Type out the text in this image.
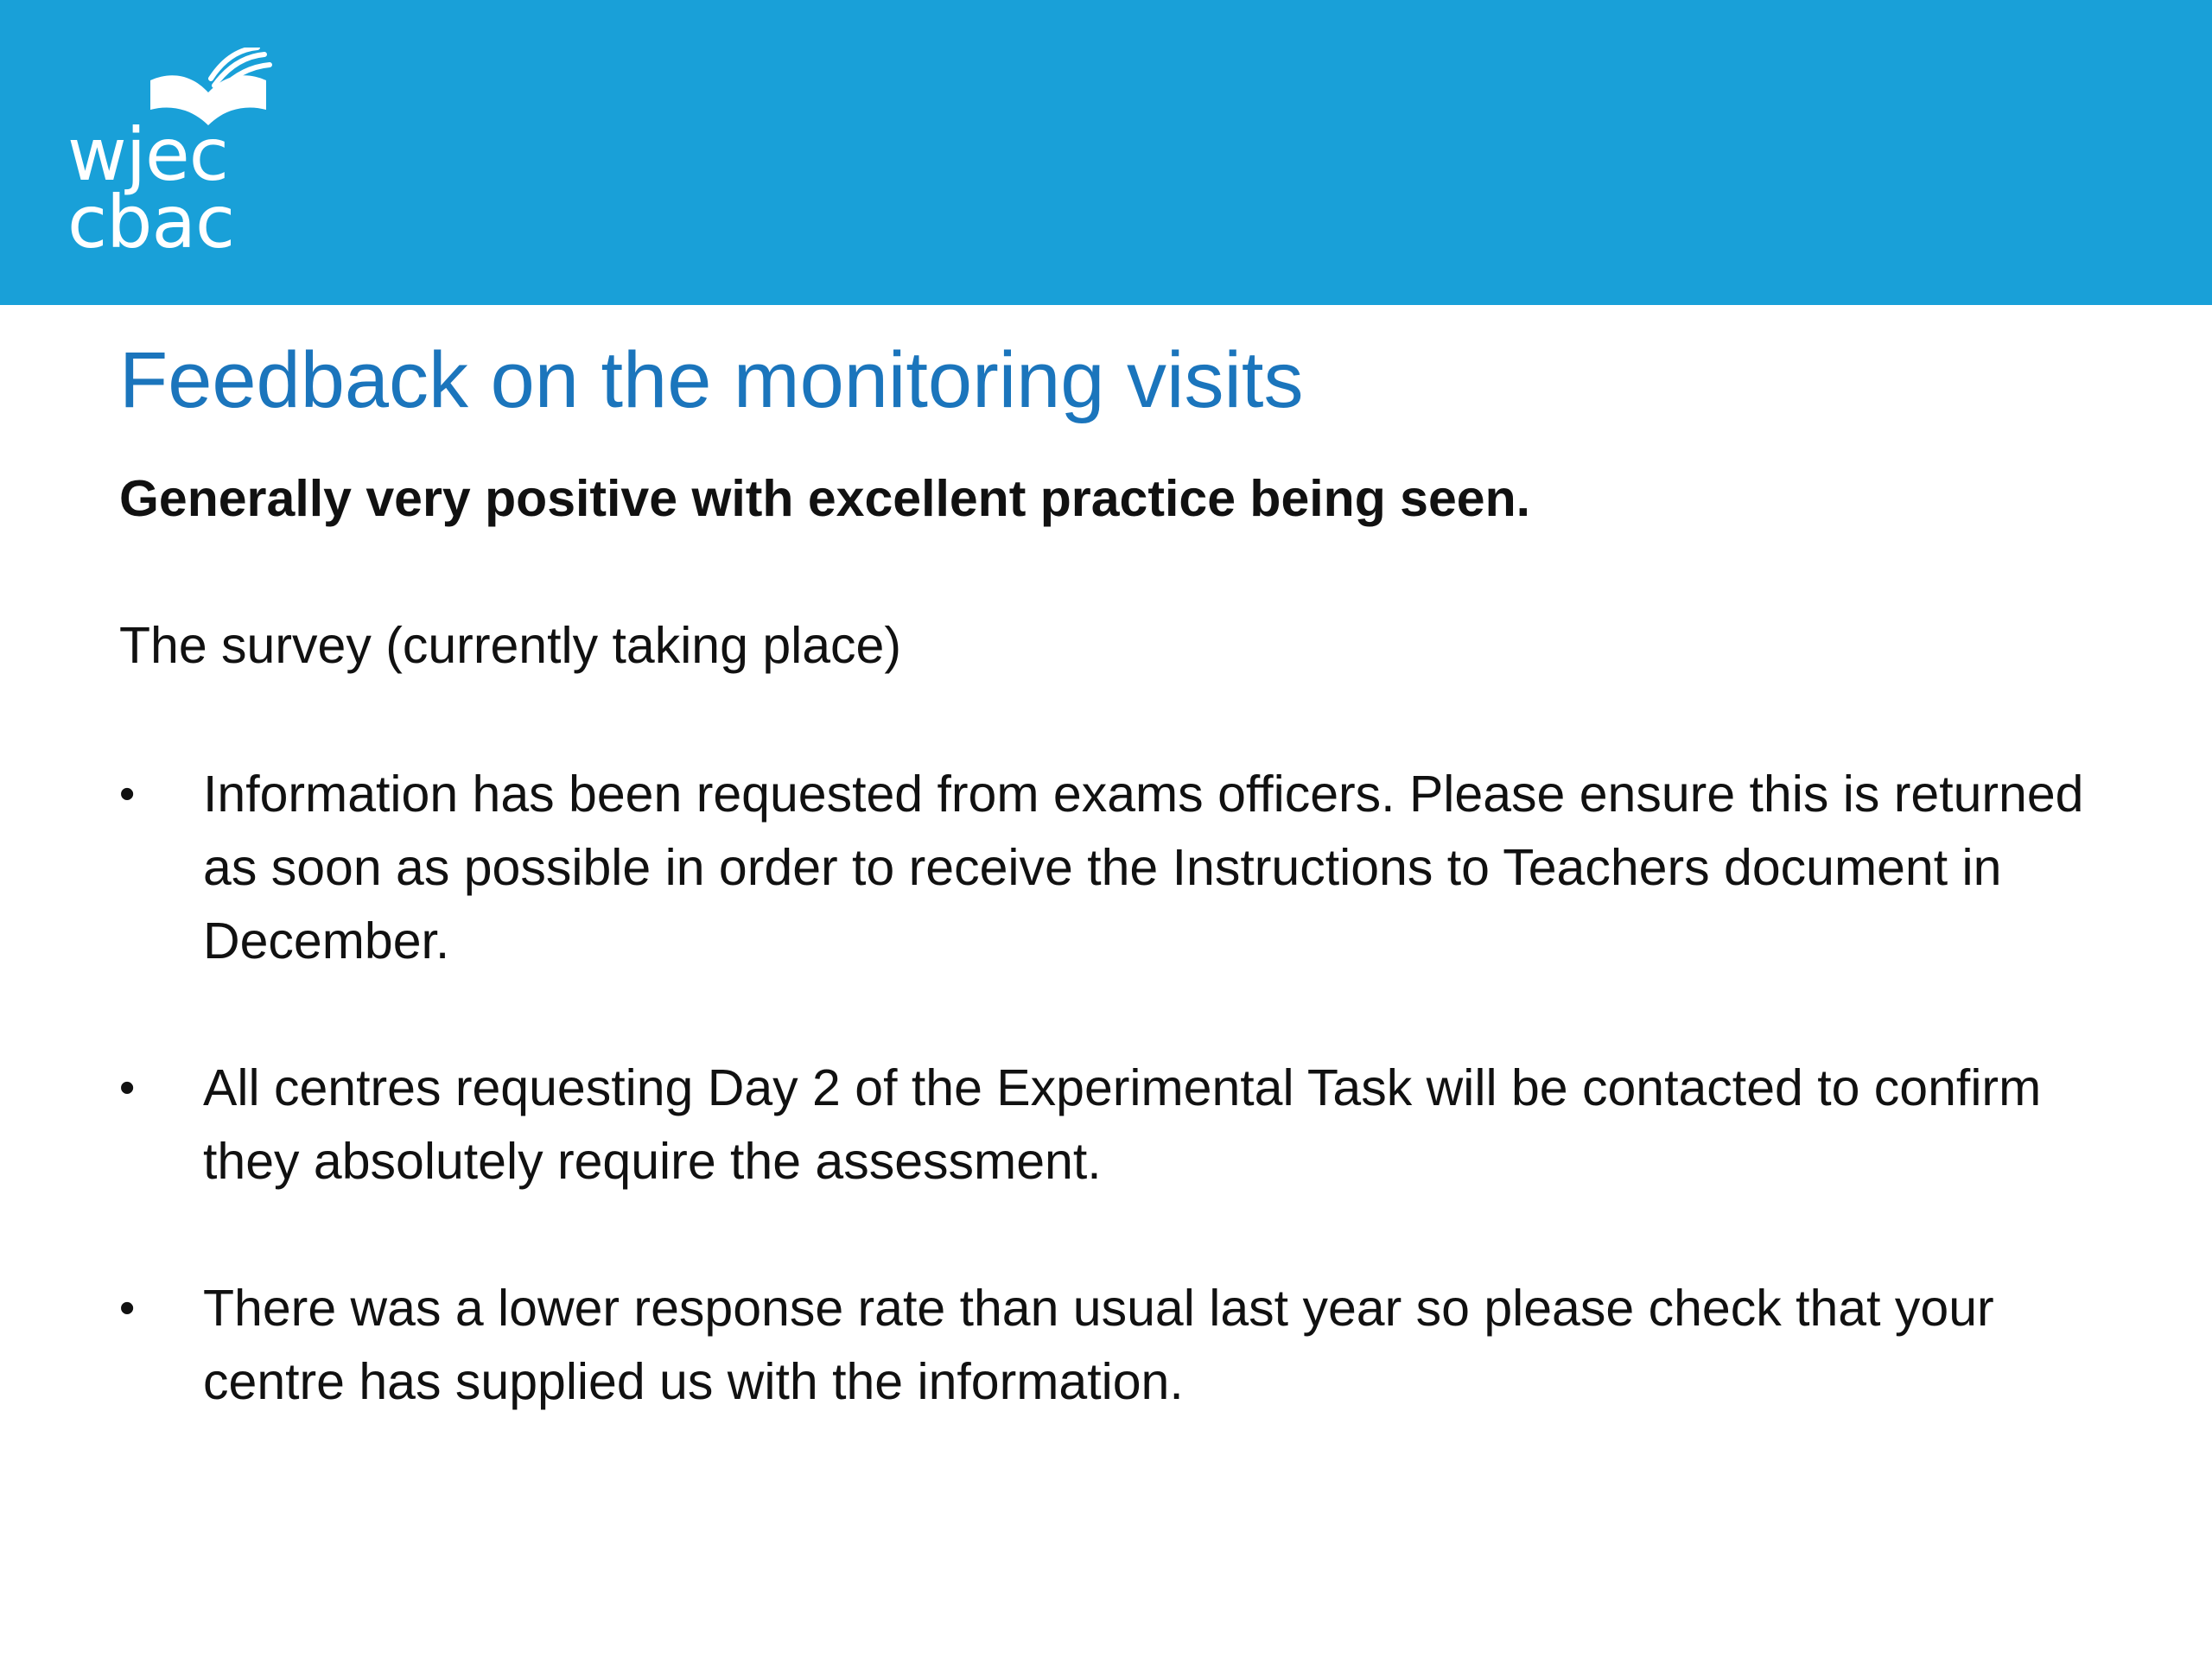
wjec
cbac
Feedback on the monitoring visits

Generally very positive with excellent practice being seen.

The survey (currently taking place)

•	Information has been requested from exams officers. Please ensure this is returned as soon as possible in order to receive the Instructions to Teachers document in December.
•	All centres requesting Day 2 of the Experimental Task will be contacted to confirm they absolutely require the assessment.
•	There was a lower response rate than usual last year so please check that your centre has supplied us with the information.
